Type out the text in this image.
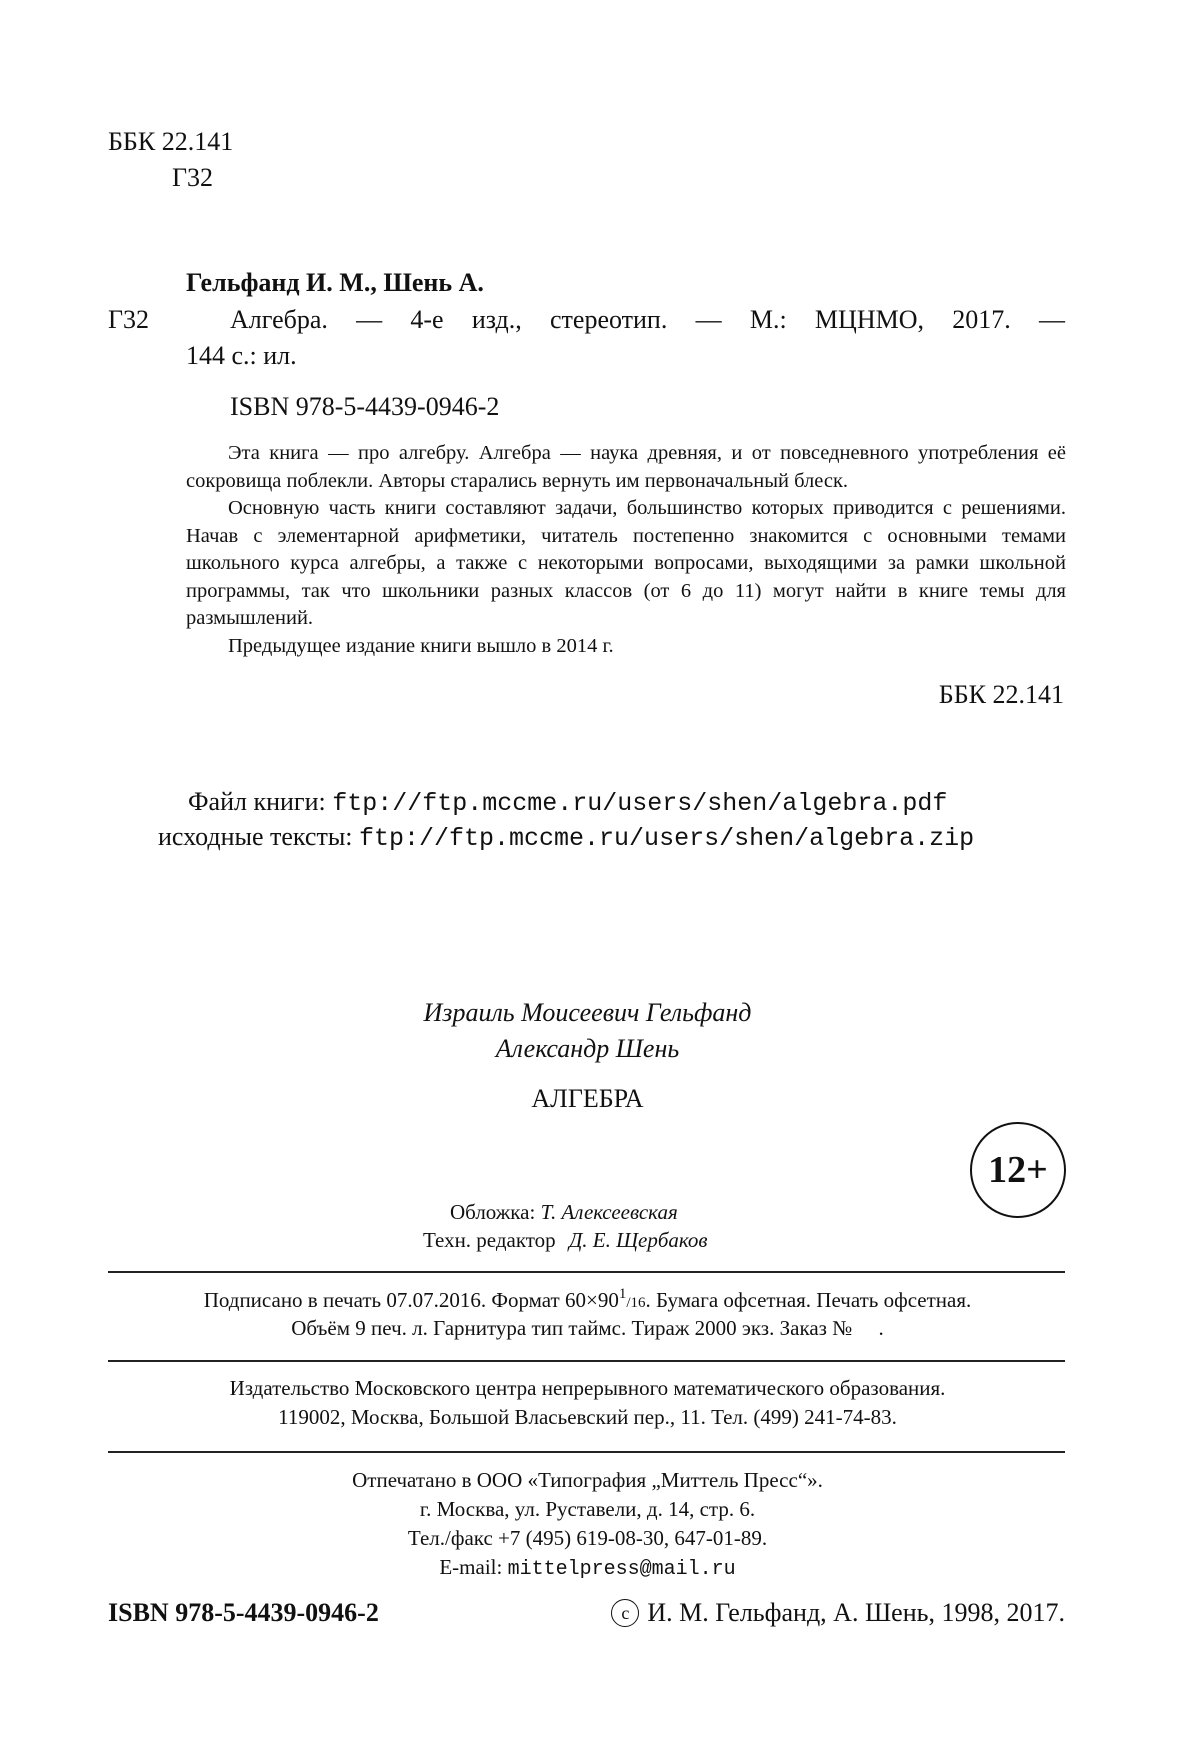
ББК 22.141
Г32
Гельфанд И. М., Шень А.
Г32	Алгебра. — 4-е изд., стереотип. — М.: МЦНМО, 2017. —
144 с.: ил.
ISBN 978-5-4439-0946-2

Эта книга — про алгебру. Алгебра — наука древняя, и от повседневного употребления её сокровища поблекли. Авторы старались вернуть им первоначальный блеск.

Основную часть книги составляют задачи, большинство которых приводится с решениями. Начав с элементарной арифметики, читатель постепенно знакомится с основными темами школьного курса алгебры, а также с некоторыми вопросами, выходящими за рамки школьной программы, так что школьники разных классов (от 6 до 11) могут найти в книге темы для размышлений.

Предыдущее издание книги вышло в 2014 г.

ББК 22.141
Файл книги: ftp://ftp.mccme.ru/users/shen/algebra.pdf
исходные тексты: ftp://ftp.mccme.ru/users/shen/algebra.zip
Израиль Моисеевич Гельфанд
Александр Шень
АЛГЕБРА
12+
Обложка: Т. Алексеевская
Техн. редактор Д. Е. Щербаков
Подписано в печать 07.07.2016. Формат 60×901/16. Бумага офсетная. Печать офсетная.
Объём 9 печ. л. Гарнитура тип таймс. Тираж 2000 экз. Заказ №     .
Издательство Московского центра непрерывного математического образования.
119002, Москва, Большой Власьевский пер., 11. Тел. (499) 241-74-83.
Отпечатано в ООО «Типография „Миттель Пресс“».
г. Москва, ул. Руставели, д. 14, стр. 6.
Тел./факс +7 (495) 619-08-30, 647-01-89.
E-mail: mittelpress@mail.ru
ISBN 978-5-4439-0946-2	c И. М. Гельфанд, А. Шень, 1998, 2017.
